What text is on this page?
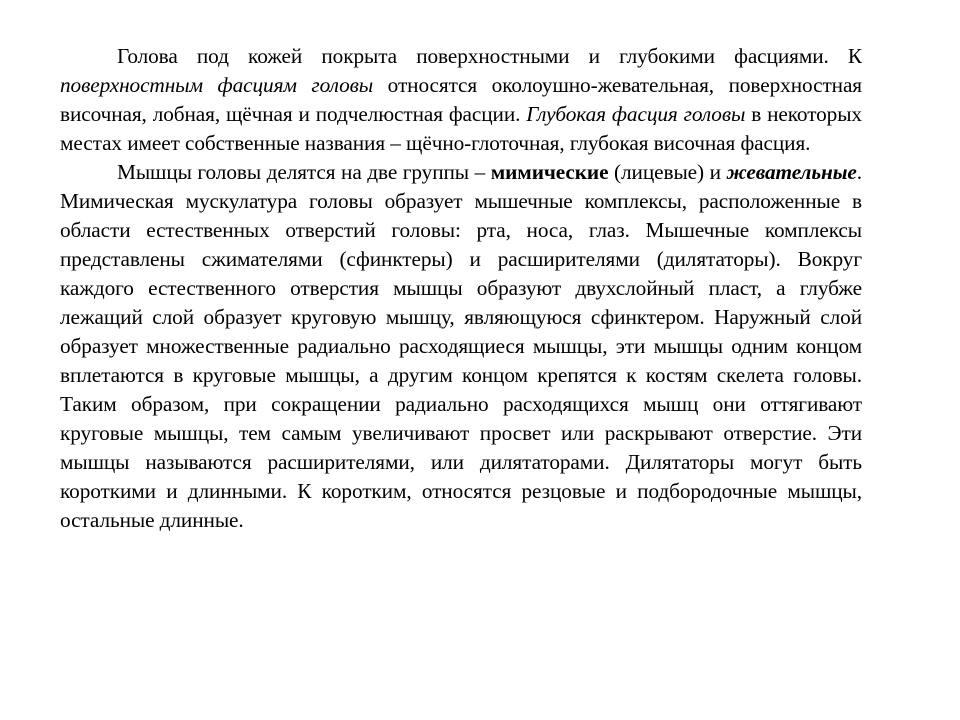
Голова под кожей покрыта поверхностными и глубокими фасциями. К поверхностным фасциям головы относятся околоушно-жевательная, поверхностная височная, лобная, щёчная и подчелюстная фасции. Глубокая фасция головы в некоторых местах имеет собственные названия – щёчно-глоточная, глубокая височная фасция.

Мышцы головы делятся на две группы – мимические (лицевые) и жевательные. Мимическая мускулатура головы образует мышечные комплексы, расположенные в области естественных отверстий головы: рта, носа, глаз. Мышечные комплексы представлены сжимателями (сфинктеры) и расширителями (дилятаторы). Вокруг каждого естественного отверстия мышцы образуют двухслойный пласт, а глубже лежащий слой образует круговую мышцу, являющуюся сфинктером. Наружный слой образует множественные радиально расходящиеся мышцы, эти мышцы одним концом вплетаются в круговые мышцы, а другим концом крепятся к костям скелета головы. Таким образом, при сокращении радиально расходящихся мышц они оттягивают круговые мышцы, тем самым увеличивают просвет или раскрывают отверстие. Эти мышцы называются расширителями, или дилятаторами. Дилятаторы могут быть короткими и длинными. К коротким, относятся резцовые и подбородочные мышцы, остальные длинные.
